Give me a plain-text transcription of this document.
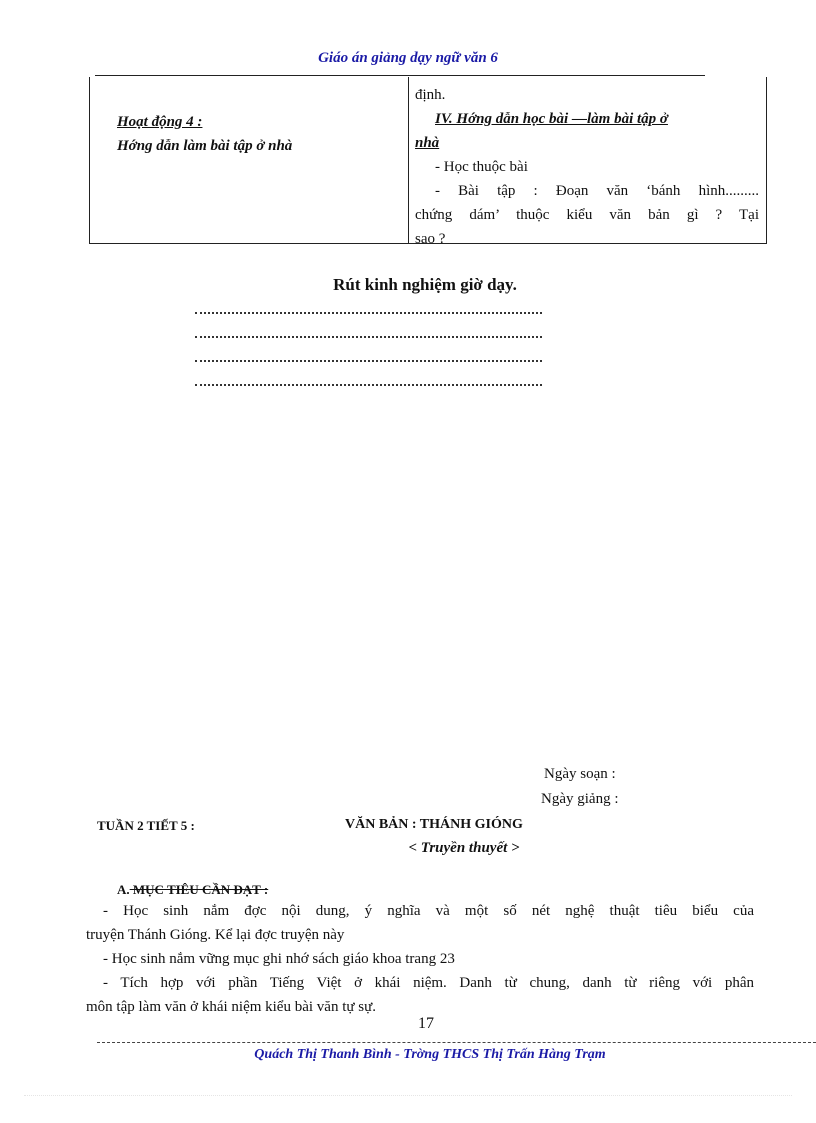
Giáo án giảng dạy ngữ văn 6
Hoạt động 4 :
Hớng dẫn làm bài tập ở nhà
định.
IV. Hớng dẫn học bài —làm bài tập ở
nhà
- Học thuộc bài
- Bài tập : Đoạn văn ‘bánh hình.........
chứng dám’ thuộc kiểu văn bản gì ? Tại
sao ?
Rút kinh nghiệm giờ dạy.
Ngày soạn :
Ngày giảng :
TUẦN 2 TIẾT 5 :	VĂN BẢN : THÁNH GIÓNG
< Truyền thuyết >
A. MỤC TIÊU CẦN ĐẠT :
- Học sinh nắm đợc nội dung, ý nghĩa và một số nét nghệ thuật tiêu biểu của
truyện Thánh Gióng. Kể lại đợc truyện này
- Học sinh nắm vững mục ghi nhớ sách giáo khoa trang 23
- Tích hợp với phần Tiếng Việt ở khái niệm. Danh từ chung, danh từ riêng với phân
môn tập làm văn ở khái niệm kiểu bài văn tự sự.
17
Quách Thị Thanh Bình - Trờng THCS Thị Trấn Hàng Trạm
